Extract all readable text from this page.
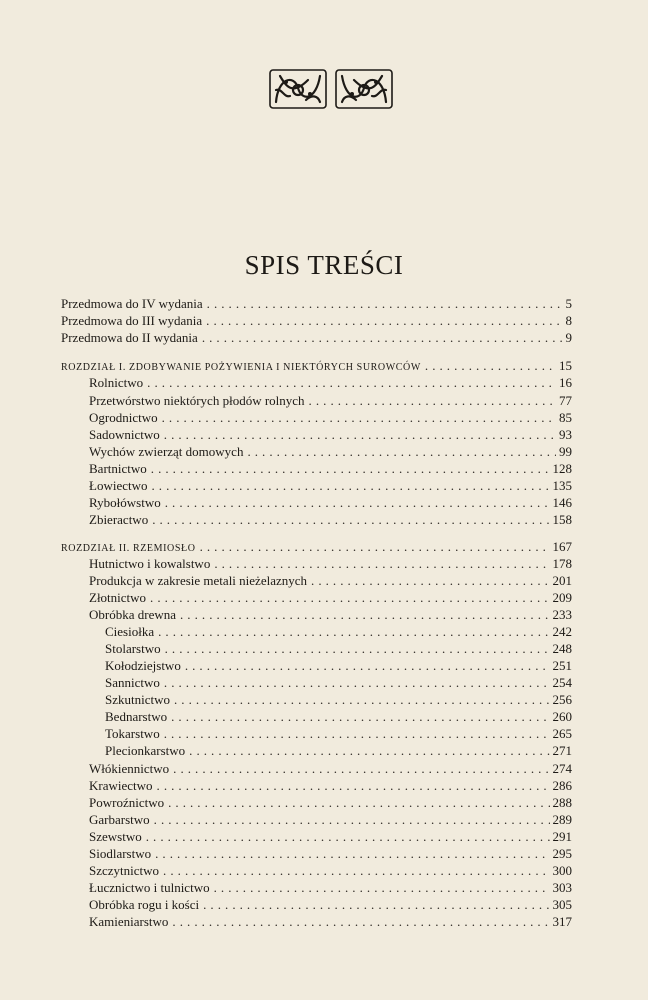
SPIS TREŚCI
Przedmowa do IV wydania . . .	5
Przedmowa do III wydania . . .	8
Przedmowa do II wydania . . .	9
ROZDZIAŁ I. ZDOBYWANIE POŻYWIENIA I NIEKTÓRYCH SUROWCÓW . . .	15
Rolnictwo . . .	16
Przetwórstwo niektórych płodów rolnych . . .	77
Ogrodnictwo . . .	85
Sadownictwo . . .	93
Wychów zwierząt domowych . . .	99
Bartnictwo . . .	128
Łowiectwo . . .	135
Rybołówstwo . . .	146
Zbieractwo . . .	158
ROZDZIAŁ II. RZEMIOSŁO . . .	167
Hutnictwo i kowalstwo . . .	178
Produkcja w zakresie metali nieżelaznych . . .	201
Złotnictwo . . .	209
Obróbka drewna . . .	233
Ciesiołka . . .	242
Stolarstwo . . .	248
Kołodziejstwo . . .	251
Sannictwo . . .	254
Szkutnictwo . . .	256
Bednarstwo . . .	260
Tokarstwo . . .	265
Plecionkarstwo . . .	271
Włókiennictwo . . .	274
Krawiectwo . . .	286
Powroźnictwo . . .	288
Garbarstwo . . .	289
Szewstwo . . .	291
Siodlarstwo . . .	295
Szczytnictwo . . .	300
Łucznictwo i tulnictwo . . .	303
Obróbka rogu i kości . . .	305
Kamieniarstwo . . .	317
